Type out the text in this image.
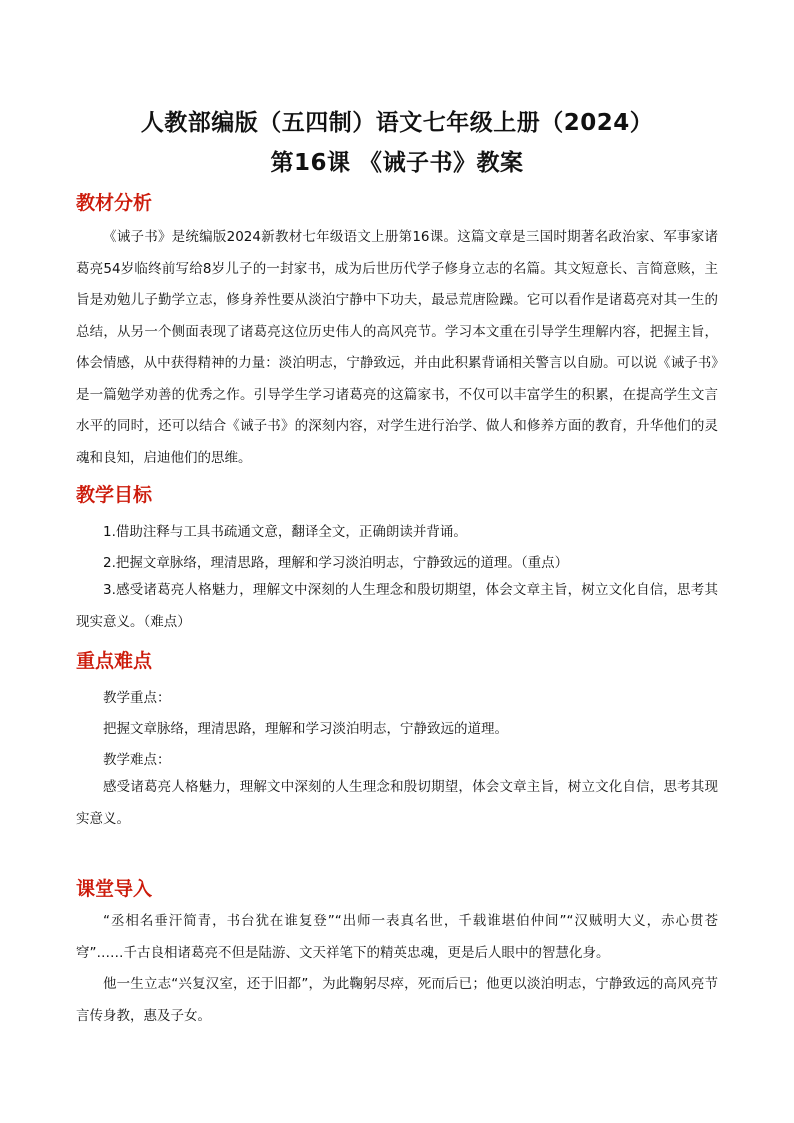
人教部编版（五四制）语文七年级上册（2024）
第16课 《诫子书》教案
教材分析
《诫子书》是统编版2024新教材七年级语文上册第16课。这篇文章是三国时期著名政治家、军事家诸葛亮54岁临终前写给8岁儿子的一封家书，成为后世历代学子修身立志的名篇。其文短意长、言简意赅，主旨是劝勉儿子勤学立志，修身养性要从淡泊宁静中下功夫，最忌荒唐险躁。它可以看作是诸葛亮对其一生的总结，从另一个侧面表现了诸葛亮这位历史伟人的高风亮节。学习本文重在引导学生理解内容，把握主旨，体会情感，从中获得精神的力量：淡泊明志，宁静致远，并由此积累背诵相关警言以自励。可以说《诫子书》是一篇勉学劝善的优秀之作。引导学生学习诸葛亮的这篇家书，不仅可以丰富学生的积累，在提高学生文言水平的同时，还可以结合《诫子书》的深刻内容，对学生进行治学、做人和修养方面的教育，升华他们的灵魂和良知，启迪他们的思维。
教学目标
1.借助注释与工具书疏通文意，翻译全文，正确朗读并背诵。
2.把握文章脉络，理清思路，理解和学习淡泊明志，宁静致远的道理。（重点）
3.感受诸葛亮人格魅力，理解文中深刻的人生理念和殷切期望，体会文章主旨，树立文化自信，思考其现实意义。（难点）
重点难点
教学重点：
把握文章脉络，理清思路，理解和学习淡泊明志，宁静致远的道理。
教学难点：
感受诸葛亮人格魅力，理解文中深刻的人生理念和殷切期望，体会文章主旨，树立文化自信，思考其现实意义。
课堂导入
“丞相名垂汗简青，书台犹在谁复登”“出师一表真名世，千载谁堪伯仲间”“汉贼明大义，赤心贯苍穹”……千古良相诸葛亮不但是陆游、文天祥笔下的精英忠魂，更是后人眼中的智慧化身。
他一生立志“兴复汉室，还于旧都”，为此鞠躬尽瘁，死而后已；他更以淡泊明志，宁静致远的高风亮节言传身教，惠及子女。
